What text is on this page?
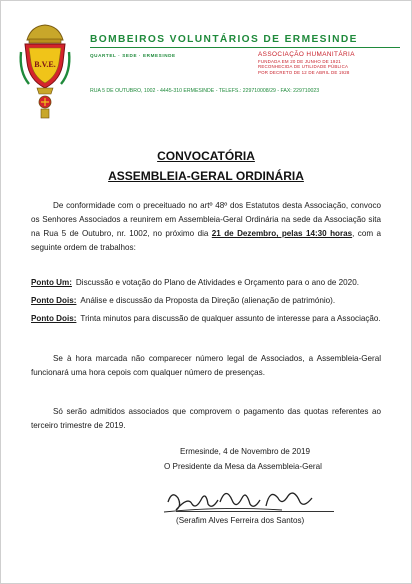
B.V.E.
BOMBEIROS VOLUNTÁRIOS DE ERMESINDE
QUARTEL · SEDE · ERMESINDE	ASSOCIAÇÃO HUMANITÁRIA
FUNDADA EM 20 DE JUNHO DE 1921
RECONHECIDA DE UTILIDADE PÚBLICA
POR DECRETO DE 12 DE ABRIL DE 1928
RUA 5 DE OUTUBRO, 1002 - 4445-310 ERMESINDE - TELEFS.: 229710008/29 - FAX: 229710023
CONVOCATÓRIA
ASSEMBLEIA-GERAL ORDINÁRIA
De conformidade com o preceituado no artº 48º dos Estatutos desta Associação, convoco os Senhores Associados a reunirem em Assembleia-Geral Ordinária na sede da Associação sita na Rua 5 de Outubro, nr. 1002, no próximo dia 21 de Dezembro, pelas 14:30 horas, com a seguinte ordem de trabalhos:
Ponto Um: Discussão e votação do Plano de Atividades e Orçamento para o ano de 2020.
Ponto Dois: Análise e discussão da Proposta da Direção (alienação de património).
Ponto Dois: Trinta minutos para discussão de qualquer assunto de interesse para a Associação.
Se à hora marcada não comparecer número legal de Associados, a Assembleia-Geral funcionará uma hora cepois com qualquer número de presenças.
Só serão admitidos associados que comprovem o pagamento das quotas referentes ao terceiro trimestre de 2019.
Ermesinde, 4 de Novembro de 2019
O Presidente da Mesa da Assembleia-Geral
(Serafim Alves Ferreira dos Santos)
